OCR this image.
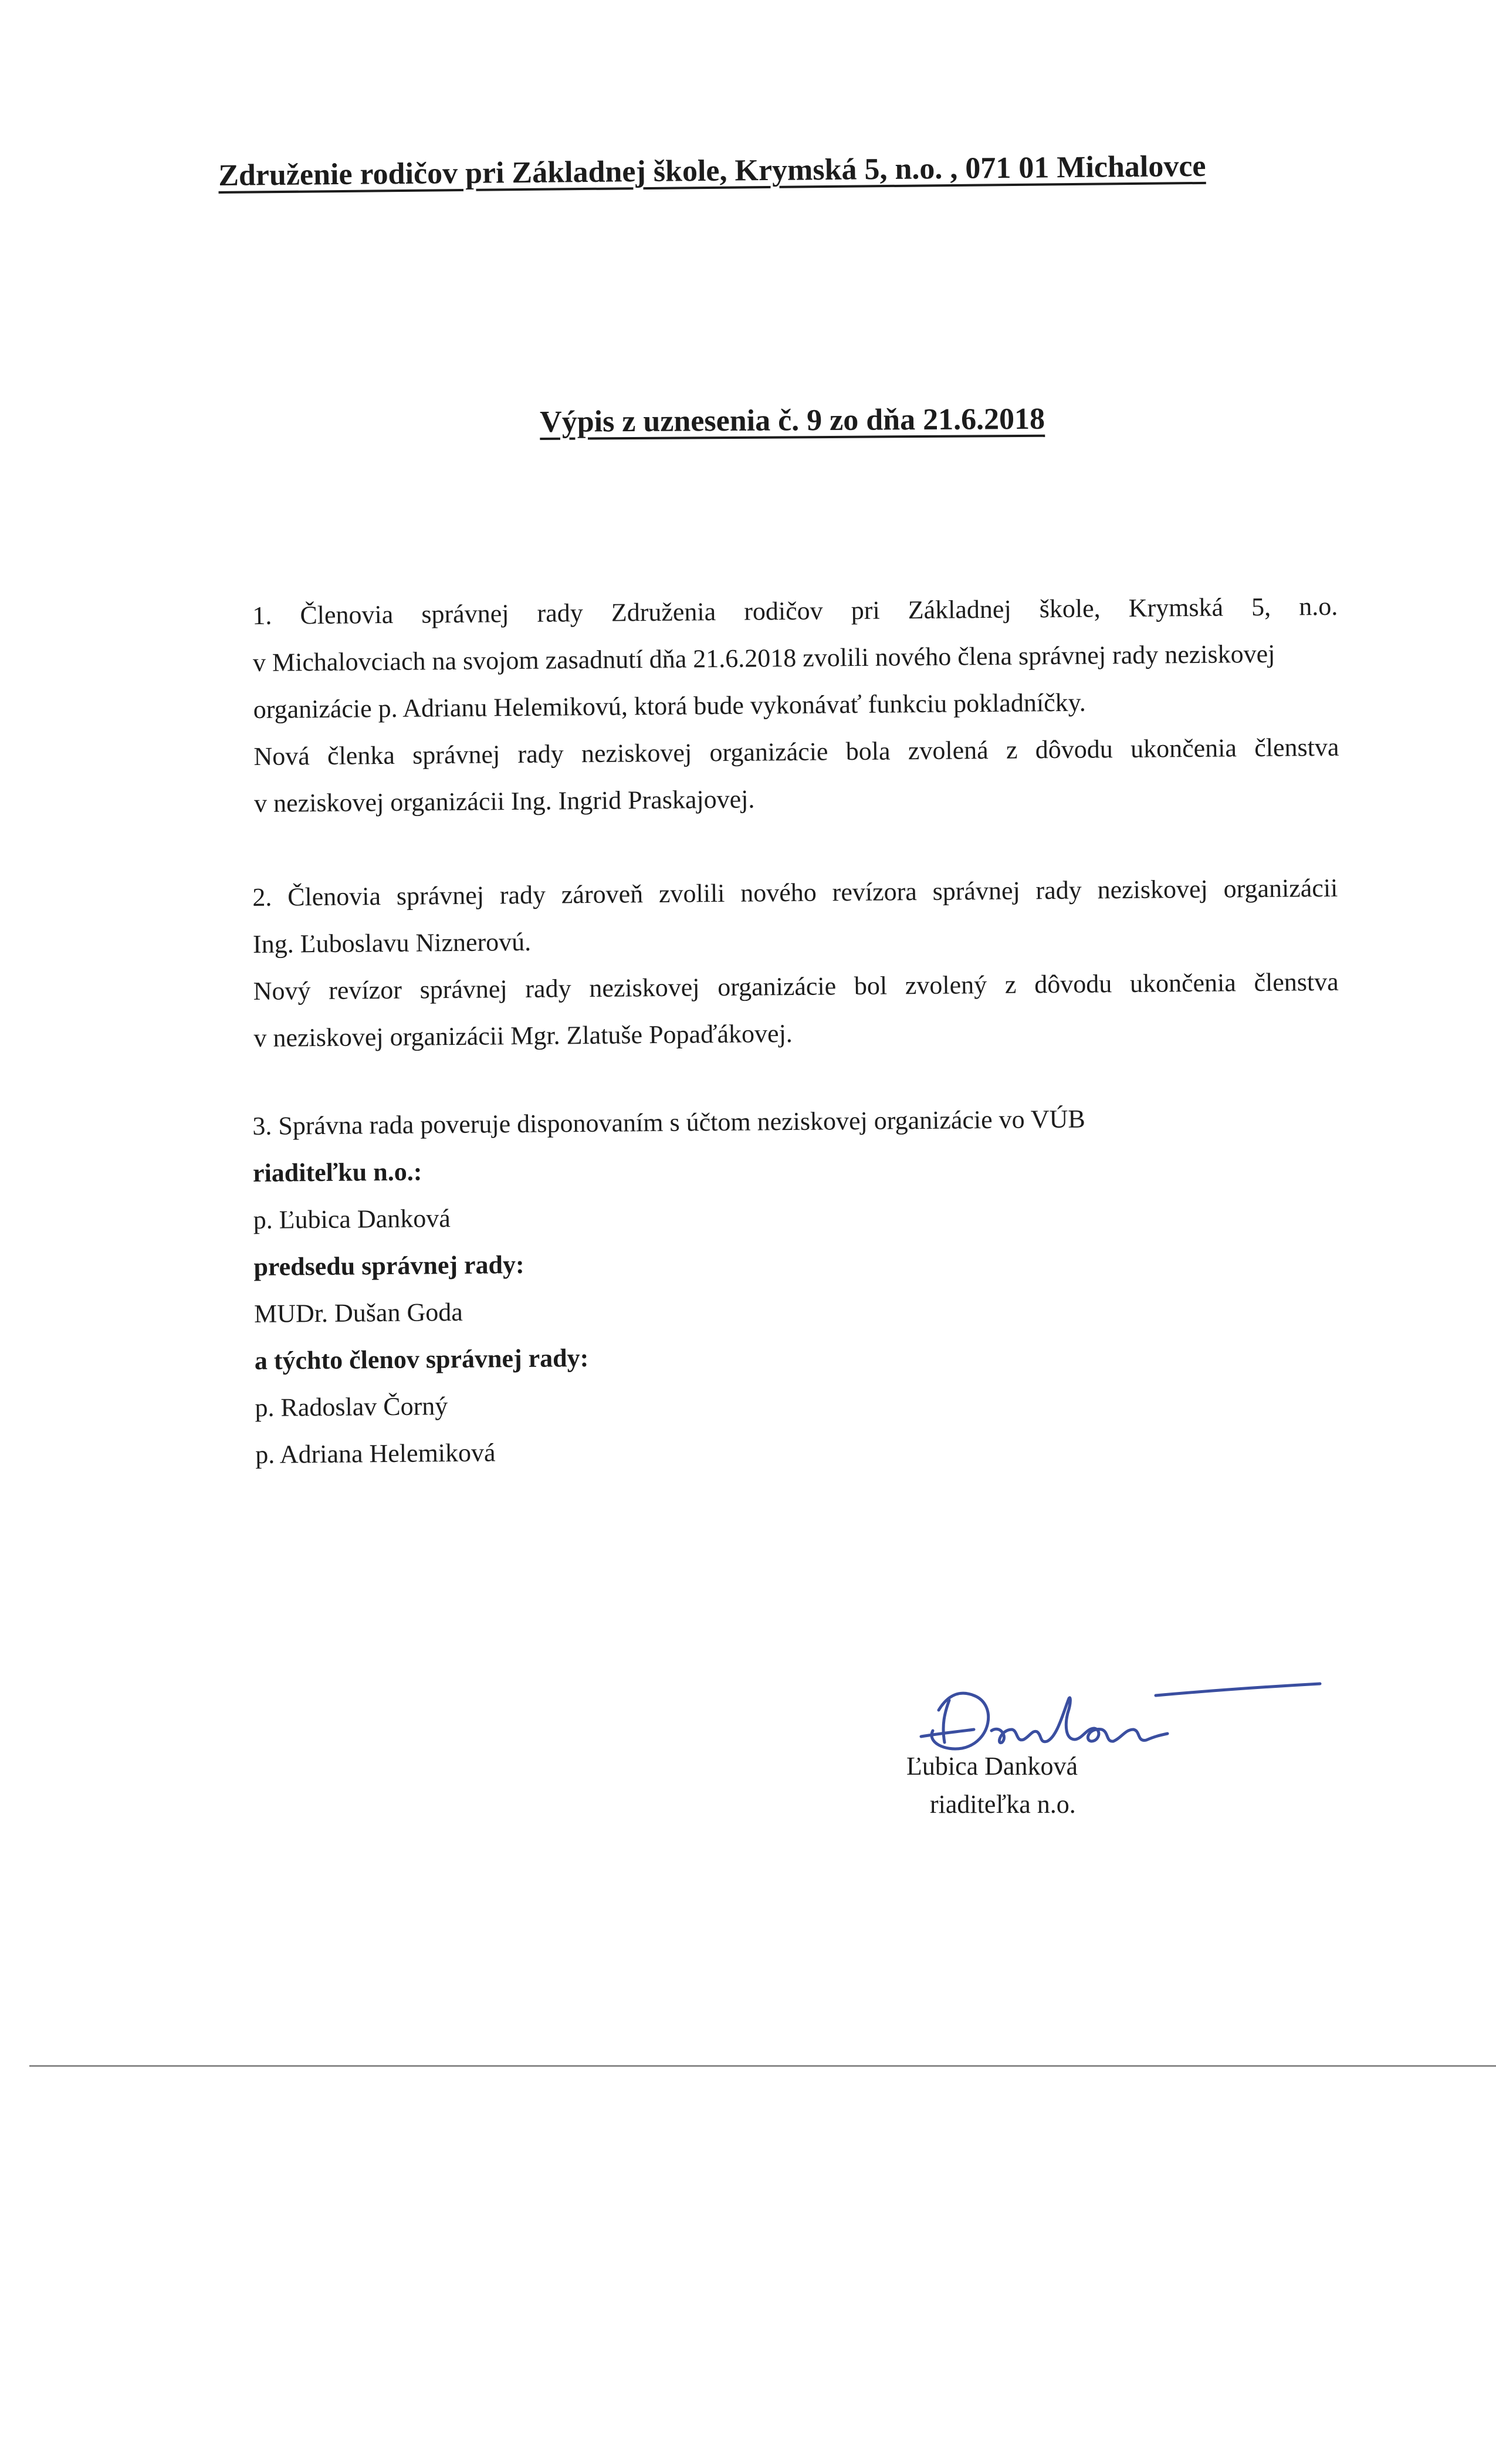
Združenie rodičov pri Základnej škole, Krymská 5, n.o. , 071 01 Michalovce
Výpis z uznesenia č. 9 zo dňa 21.6.2018
1. Členovia správnej rady Združenia rodičov pri Základnej škole, Krymská 5, n.o.
v Michalovciach na svojom zasadnutí dňa 21.6.2018 zvolili nového člena správnej rady neziskovej
organizácie p. Adrianu Helemikovú, ktorá bude vykonávať funkciu pokladníčky.
Nová členka správnej rady neziskovej organizácie bola zvolená z dôvodu ukončenia členstva
v neziskovej organizácii Ing. Ingrid Praskajovej.
2. Členovia správnej rady zároveň zvolili nového revízora správnej rady neziskovej organizácii
Ing. Ľuboslavu Niznerovú.
Nový revízor správnej rady neziskovej organizácie bol zvolený z dôvodu ukončenia členstva
v neziskovej organizácii Mgr. Zlatuše Popaďákovej.
3. Správna rada poveruje disponovaním s účtom neziskovej organizácie vo VÚB
riaditeľku n.o.:
p. Ľubica Danková
predsedu správnej rady:
MUDr. Dušan Goda
a týchto členov správnej rady:
p. Radoslav Čorný
p. Adriana Helemiková
Ľubica Danková
riaditeľka n.o.
